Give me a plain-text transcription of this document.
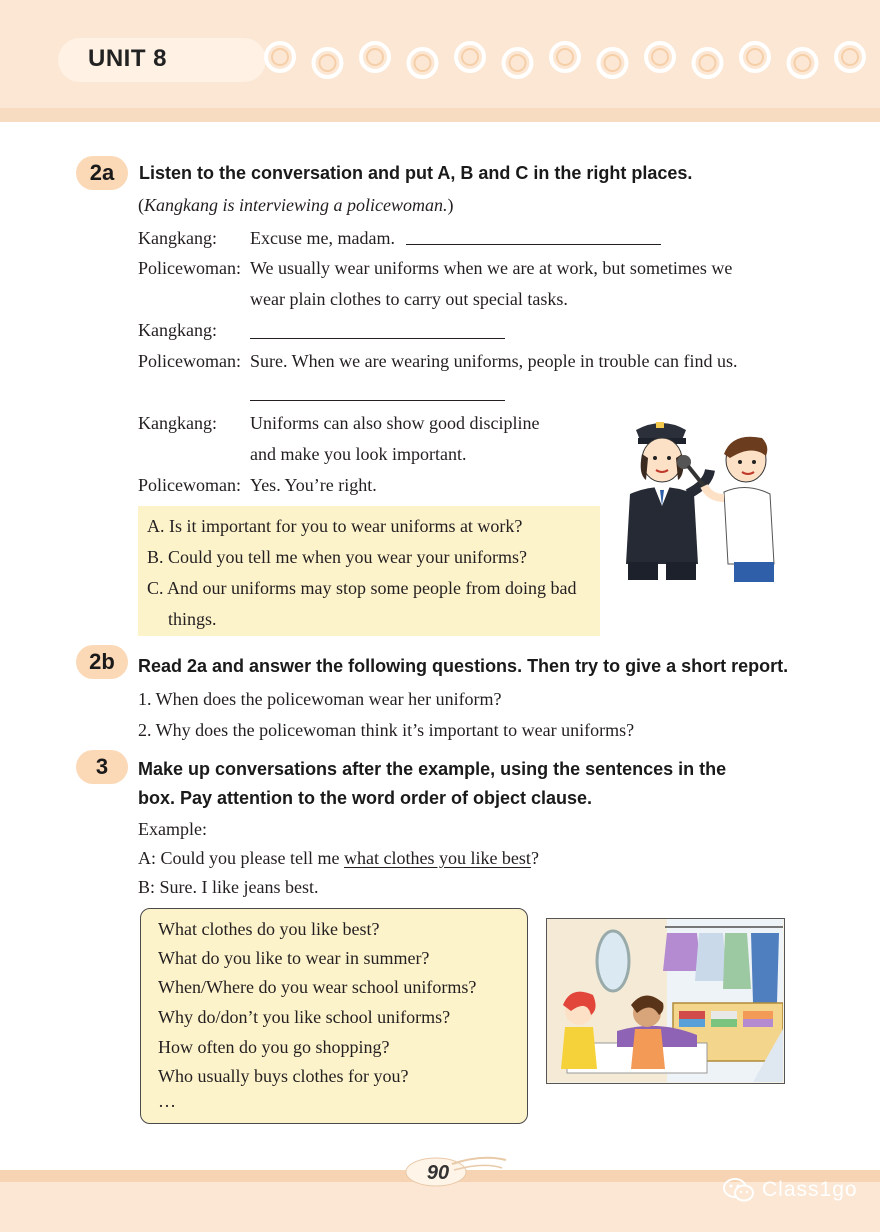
UNIT 8
2a	Listen to the conversation and put A, B and C in the right places.
(Kangkang is interviewing a policewoman.)
Kangkang: Excuse me, madam.
Policewoman: We usually wear uniforms when we are at work, but sometimes we
wear plain clothes to carry out special tasks.
Kangkang:
Policewoman: Sure. When we are wearing uniforms, people in trouble can find us.
Kangkang: Uniforms can also show good discipline
and make you look important.
Policewoman: Yes. You’re right.
A. Is it important for you to wear uniforms at work?
B. Could you tell me when you wear your uniforms?
C. And our uniforms may stop some people from doing bad
things.
2b	Read 2a and answer the following questions. Then try to give a short report.
1. When does the policewoman wear her uniform?
2. Why does the policewoman think it’s important to wear uniforms?
3	Make up conversations after the example, using the sentences in the
box. Pay attention to the word order of object clause.
Example:
A: Could you please tell me what clothes you like best?
B: Sure. I like jeans best.
What clothes do you like best?
What do you like to wear in summer?
When/Where do you wear school uniforms?
Why do/don’t you like school uniforms?
How often do you go shopping?
Who usually buys clothes for you?
…
90
Class1go
